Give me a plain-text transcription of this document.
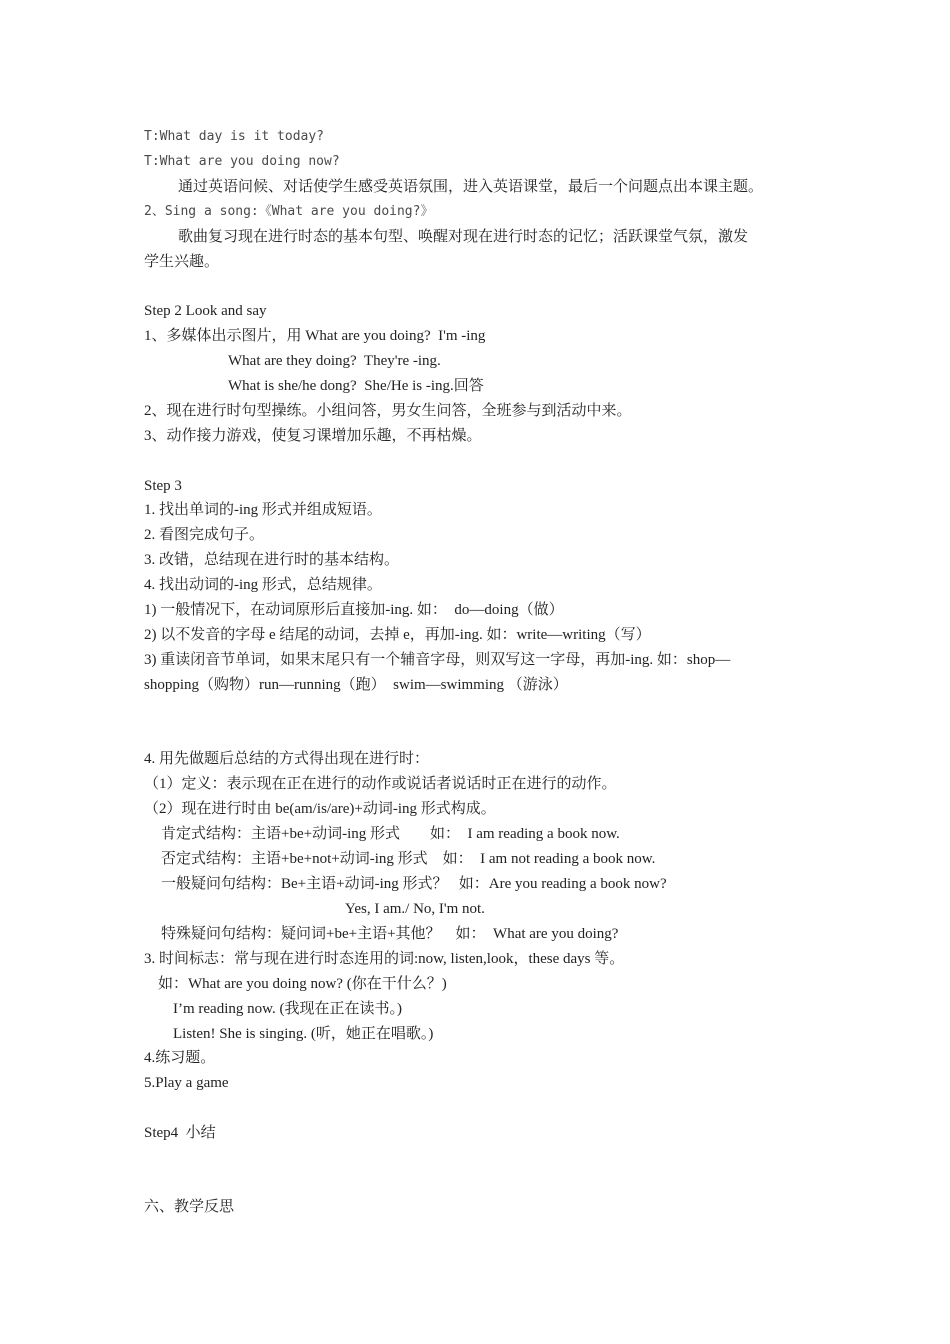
T:What day is it today?
T:What are you doing now?
通过英语问候、对话使学生感受英语氛围，进入英语课堂，最后一个问题点出本课主题。
2、Sing a song:《What are you doing?》
歌曲复习现在进行时态的基本句型、唤醒对现在进行时态的记忆；活跃课堂气氛，激发
学生兴趣。
Step 2 Look and say
1、多媒体出示图片，用 What are you doing?  I'm -ing
What are they doing?  They're -ing.
What is she/he dong?  She/He is -ing.回答
2、现在进行时句型操练。小组问答，男女生问答，全班参与到活动中来。
3、动作接力游戏，使复习课增加乐趣，不再枯燥。
Step 3
1. 找出单词的-ing 形式并组成短语。
2. 看图完成句子。
3. 改错，总结现在进行时的基本结构。
4. 找出动词的-ing 形式，总结规律。
1) 一般情况下，在动词原形后直接加-ing. 如：  do—doing（做）
2) 以不发音的字母 e 结尾的动词，去掉 e，再加-ing. 如：write—writing（写）
3) 重读闭音节单词，如果末尾只有一个辅音字母，则双写这一字母，再加-ing. 如：shop—
shopping（购物）run—running（跑）  swim—swimming （游泳）
4. 用先做题后总结的方式得出现在进行时：
（1）定义：表示现在正在进行的动作或说话者说话时正在进行的动作。
（2）现在进行时由 be(am/is/are)+动词-ing 形式构成。
肯定式结构：主语+be+动词-ing 形式        如：  I am reading a book now.
否定式结构：主语+be+not+动词-ing 形式    如：  I am not reading a book now.
一般疑问句结构：Be+主语+动词-ing 形式？   如：Are you reading a book now?
Yes, I am./ No, I'm not.
特殊疑问句结构：疑问词+be+主语+其他？    如：  What are you doing?
3. 时间标志：常与现在进行时态连用的词:now, listen,look，these days 等。
如：What are you doing now? (你在干什么？)
I’m reading now. (我现在正在读书。)
Listen! She is singing. (听，她正在唱歌。)
4.练习题。
5.Play a game
Step4  小结
六、教学反思
